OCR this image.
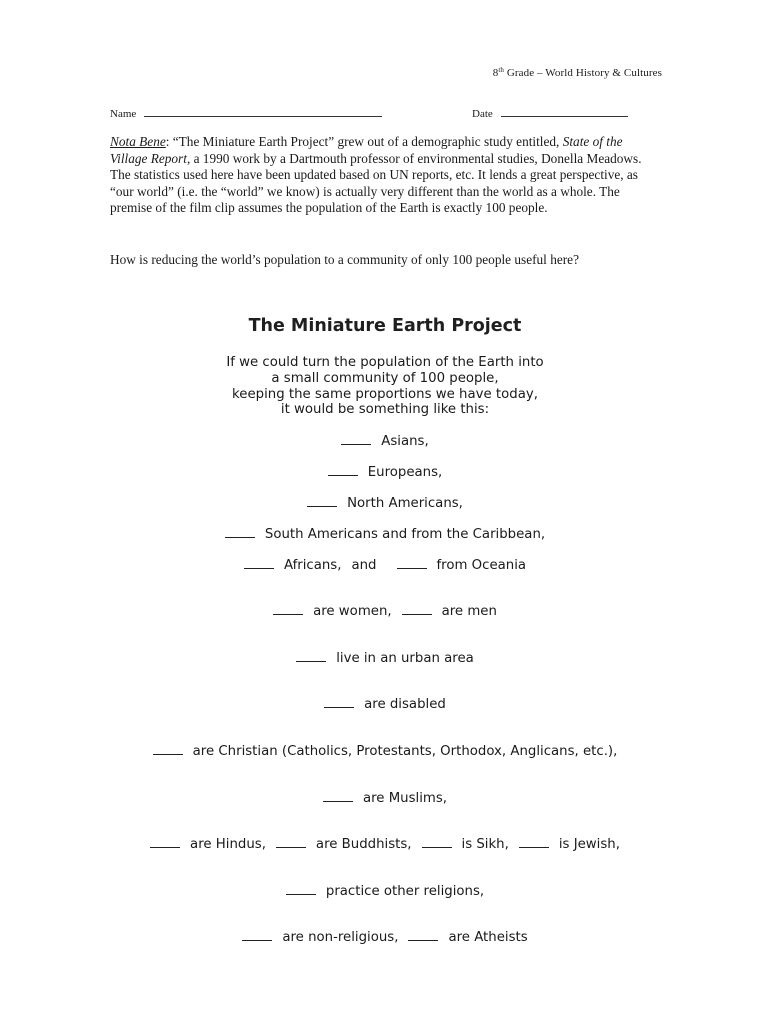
8th Grade – World History & Cultures
Name	Date
Nota Bene: “The Miniature Earth Project” grew out of a demographic study entitled, State of the Village Report, a 1990 work by a Dartmouth professor of environmental studies, Donella Meadows. The statistics used here have been updated based on UN reports, etc. It lends a great perspective, as “our world” (i.e. the “world” we know) is actually very different than the world as a whole. The premise of the film clip assumes the population of the Earth is exactly 100 people.
How is reducing the world’s population to a community of only 100 people useful here?
The Miniature Earth Project
If we could turn the population of the Earth into
a small community of 100 people,
keeping the same proportions we have today,
it would be something like this:
Asians,
Europeans,
North Americans,
South Americans and from the Caribbean,
Africans, and	from Oceania
are women,	are men
live in an urban area
are disabled
are Christian (Catholics, Protestants, Orthodox, Anglicans, etc.),
are Muslims,
are Hindus,	are Buddhists,	is Sikh,	is Jewish,
practice other religions,
are non-religious,	are Atheists
